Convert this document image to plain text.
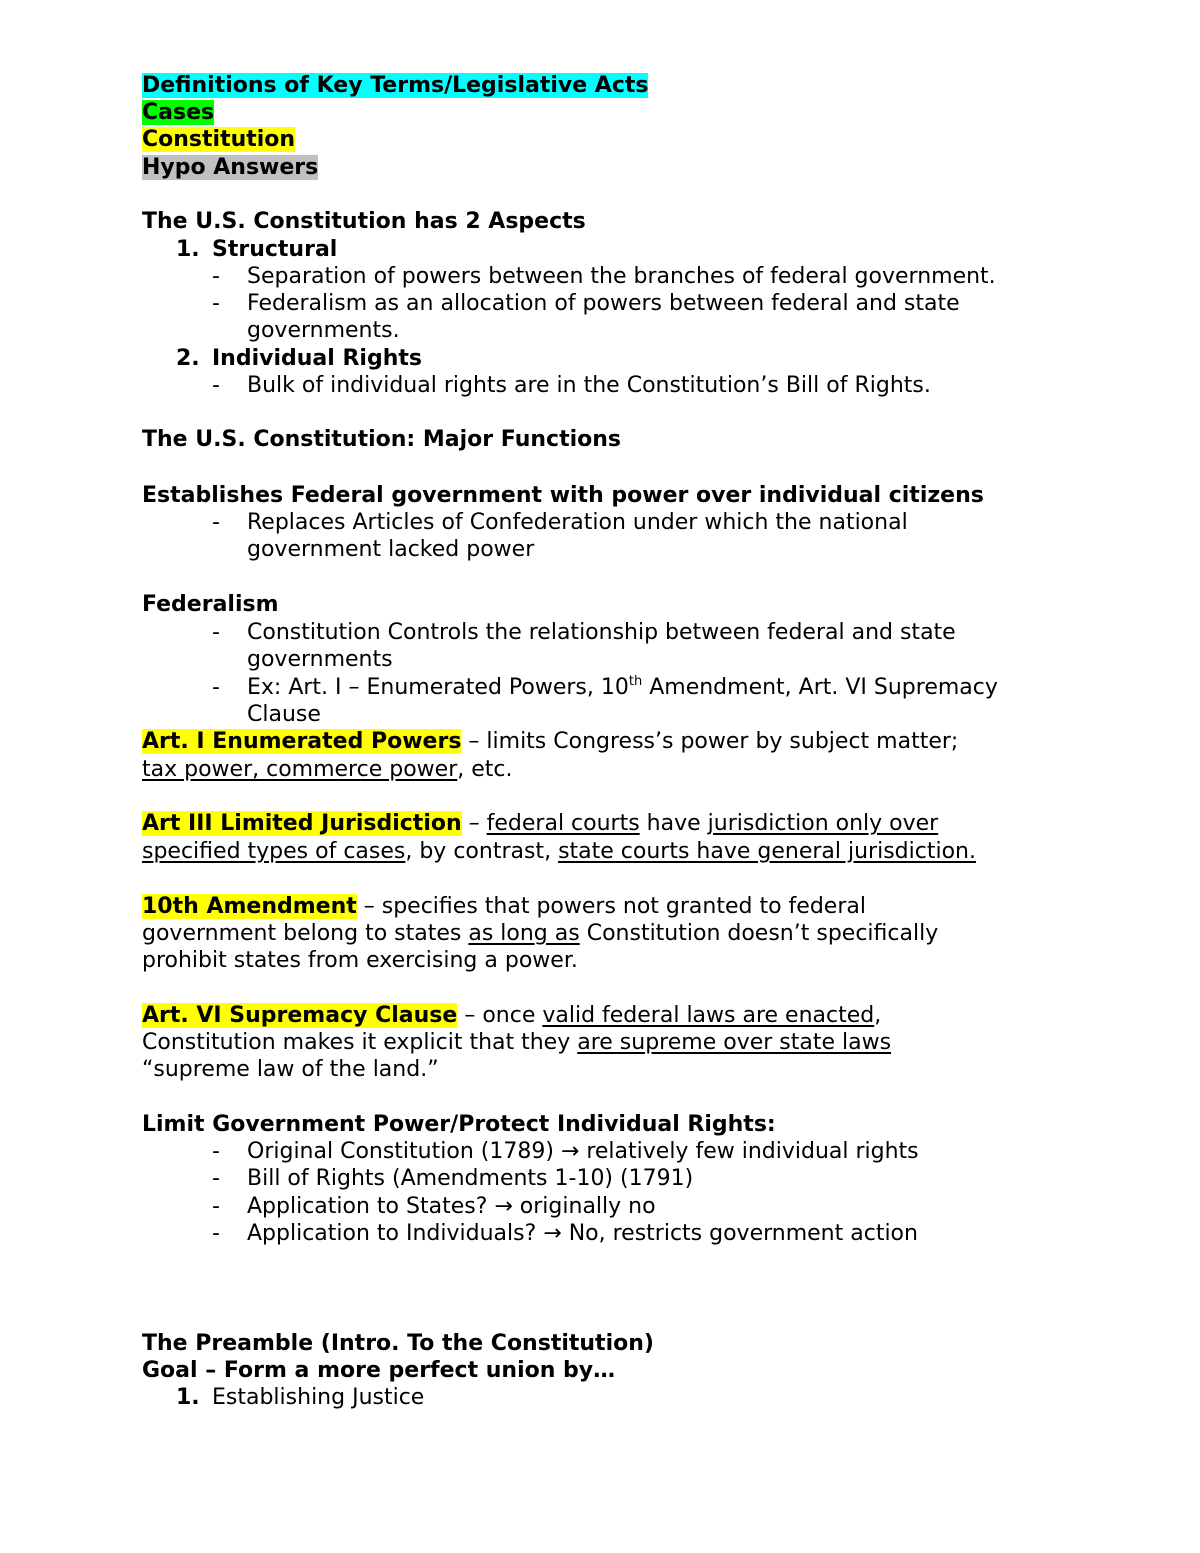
Definitions of Key Terms/Legislative Acts
Cases
Constitution
Hypo Answers
The U.S. Constitution has 2 Aspects
1. Structural
- Separation of powers between the branches of federal government.
- Federalism as an allocation of powers between federal and state
governments.
2. Individual Rights
- Bulk of individual rights are in the Constitution’s Bill of Rights.
The U.S. Constitution: Major Functions
Establishes Federal government with power over individual citizens
- Replaces Articles of Confederation under which the national
government lacked power
Federalism
- Constitution Controls the relationship between federal and state
governments
- Ex: Art. I – Enumerated Powers, 10th Amendment, Art. VI Supremacy
Clause
Art. I Enumerated Powers – limits Congress’s power by subject matter;
tax power, commerce power, etc.
Art III Limited Jurisdiction – federal courts have jurisdiction only over
specified types of cases, by contrast, state courts have general jurisdiction.
10th Amendment – specifies that powers not granted to federal
government belong to states as long as Constitution doesn’t specifically
prohibit states from exercising a power.
Art. VI Supremacy Clause – once valid federal laws are enacted,
Constitution makes it explicit that they are supreme over state laws
“supreme law of the land.”
Limit Government Power/Protect Individual Rights:
- Original Constitution (1789) → relatively few individual rights
- Bill of Rights (Amendments 1-10) (1791)
- Application to States? → originally no
- Application to Individuals? → No, restricts government action
The Preamble (Intro. To the Constitution)
Goal – Form a more perfect union by…
1. Establishing Justice
